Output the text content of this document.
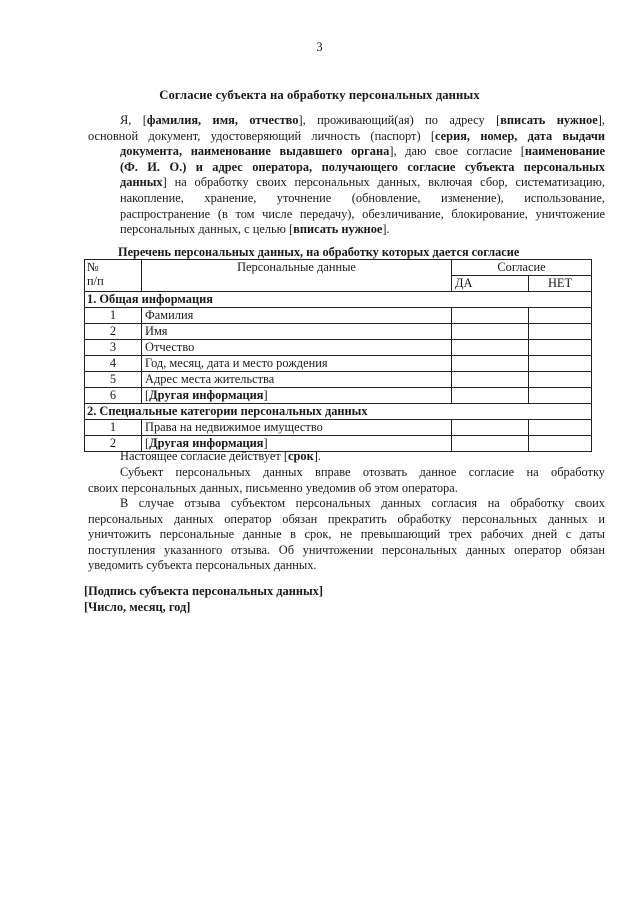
3
Согласие субъекта на обработку персональных данных
Я, [фамилия, имя, отчество], проживающий(ая) по адресу [вписать нужное],
основной документ, удостоверяющий личность (паспорт) [серия, номер, дата выдачи
документа, наименование выдавшего органа], даю свое согласие [наименование
(Ф. И. О.) и адрес оператора, получающего согласие субъекта персональных
данных] на обработку своих персональных данных, включая сбор, систематизацию,
накопление, хранение, уточнение (обновление, изменение), использование,
распространение (в том числе передачу), обезличивание, блокирование, уничтожение
персональных данных, с целью [вписать нужное].
Перечень персональных данных, на обработку которых дается согласие
№
п/п	Персональные данные	Согласие	
		ДА	НЕТ
1. Общая информация			
1	Фамилия		
2	Имя		
3	Отчество		
4	Год, месяц, дата и место рождения		
5	Адрес места жительства		
6	[Другая информация]		
2. Специальные категории персональных данных			
1	Права на недвижимое имущество		
2	[Другая информация]		
Настоящее согласие действует [срок].
Субъект персональных данных вправе отозвать данное согласие на обработку
своих персональных данных, письменно уведомив об этом оператора.
В случае отзыва субъектом персональных данных согласия на обработку своих
персональных данных оператор обязан прекратить обработку персональных данных и
уничтожить персональные данные в срок, не превышающий трех рабочих дней с даты
поступления указанного отзыва. Об уничтожении персональных данных оператор обязан
уведомить субъекта персональных данных.
[Подпись субъекта персональных данных]
[Число, месяц, год]
